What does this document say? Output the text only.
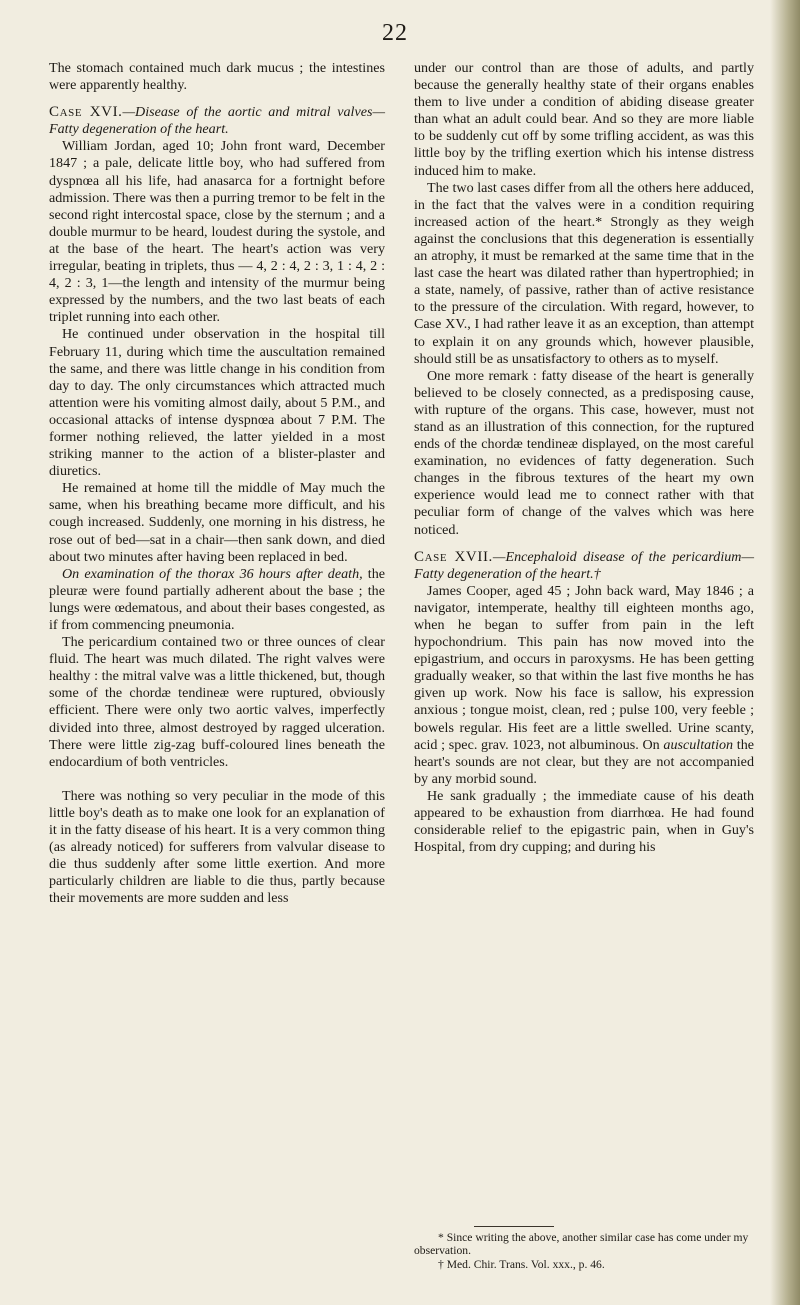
22

The stomach contained much dark mucus ; the intestines were apparently healthy.

Case XVI.—Disease of the aortic and mitral valves—Fatty degeneration of the heart.

William Jordan, aged 10; John front ward, December 1847 ; a pale, delicate little boy, who had suffered from dyspnœa all his life, had anasarca for a fortnight before admission. There was then a purring tremor to be felt in the second right intercostal space, close by the sternum ; and a double murmur to be heard, loudest during the systole, and at the base of the heart. The heart's action was very irregular, beating in triplets, thus — 4, 2 : 4, 2 : 3, 1 : 4, 2 : 4, 2 : 3, 1—the length and intensity of the murmur being expressed by the numbers, and the two last beats of each triplet running into each other.

He continued under observation in the hospital till February 11, during which time the auscultation remained the same, and there was little change in his condition from day to day. The only circumstances which attracted much attention were his vomiting almost daily, about 5 P.M., and occasional attacks of intense dyspnœa about 7 P.M. The former nothing relieved, the latter yielded in a most striking manner to the action of a blister-plaster and diuretics.

He remained at home till the middle of May much the same, when his breathing became more difficult, and his cough increased. Suddenly, one morning in his distress, he rose out of bed—sat in a chair—then sank down, and died about two minutes after having been replaced in bed.

On examination of the thorax 36 hours after death, the pleuræ were found partially adherent about the base ; the lungs were œdematous, and about their bases congested, as if from commencing pneumonia.

The pericardium contained two or three ounces of clear fluid. The heart was much dilated. The right valves were healthy : the mitral valve was a little thickened, but, though some of the chordæ tendineæ were ruptured, obviously efficient. There were only two aortic valves, imperfectly divided into three, almost destroyed by ragged ulceration. There were little zig-zag buff-coloured lines beneath the endocardium of both ventricles.

There was nothing so very peculiar in the mode of this little boy's death as to make one look for an explanation of it in the fatty disease of his heart. It is a very common thing (as already noticed) for sufferers from valvular disease to die thus suddenly after some little exertion. And more particularly children are liable to die thus, partly because their movements are more sudden and less

under our control than are those of adults, and partly because the generally healthy state of their organs enables them to live under a condition of abiding disease greater than what an adult could bear. And so they are more liable to be suddenly cut off by some trifling accident, as was this little boy by the trifling exertion which his intense distress induced him to make.

The two last cases differ from all the others here adduced, in the fact that the valves were in a condition requiring increased action of the heart.* Strongly as they weigh against the conclusions that this degeneration is essentially an atrophy, it must be remarked at the same time that in the last case the heart was dilated rather than hypertrophied; in a state, namely, of passive, rather than of active resistance to the pressure of the circulation. With regard, however, to Case XV., I had rather leave it as an exception, than attempt to explain it on any grounds which, however plausible, should still be as unsatisfactory to others as to myself.

One more remark : fatty disease of the heart is generally believed to be closely connected, as a predisposing cause, with rupture of the organs. This case, however, must not stand as an illustration of this connection, for the ruptured ends of the chordæ tendineæ displayed, on the most careful examination, no evidences of fatty degeneration. Such changes in the fibrous textures of the heart my own experience would lead me to connect rather with that peculiar form of change of the valves which was here noticed.

Case XVII.—Encephaloid disease of the pericardium—Fatty degeneration of the heart.†

James Cooper, aged 45 ; John back ward, May 1846 ; a navigator, intemperate, healthy till eighteen months ago, when he began to suffer from pain in the left hypochondrium. This pain has now moved into the epigastrium, and occurs in paroxysms. He has been getting gradually weaker, so that within the last five months he has given up work. Now his face is sallow, his expression anxious ; tongue moist, clean, red ; pulse 100, very feeble ; bowels regular. His feet are a little swelled. Urine scanty, acid ; spec. grav. 1023, not albuminous. On auscultation the heart's sounds are not clear, but they are not accompanied by any morbid sound.

He sank gradually ; the immediate cause of his death appeared to be exhaustion from diarrhœa. He had found considerable relief to the epigastric pain, when in Guy's Hospital, from dry cupping; and during his

* Since writing the above, another similar case has come under my observation.

† Med. Chir. Trans. Vol. xxx., p. 46.
